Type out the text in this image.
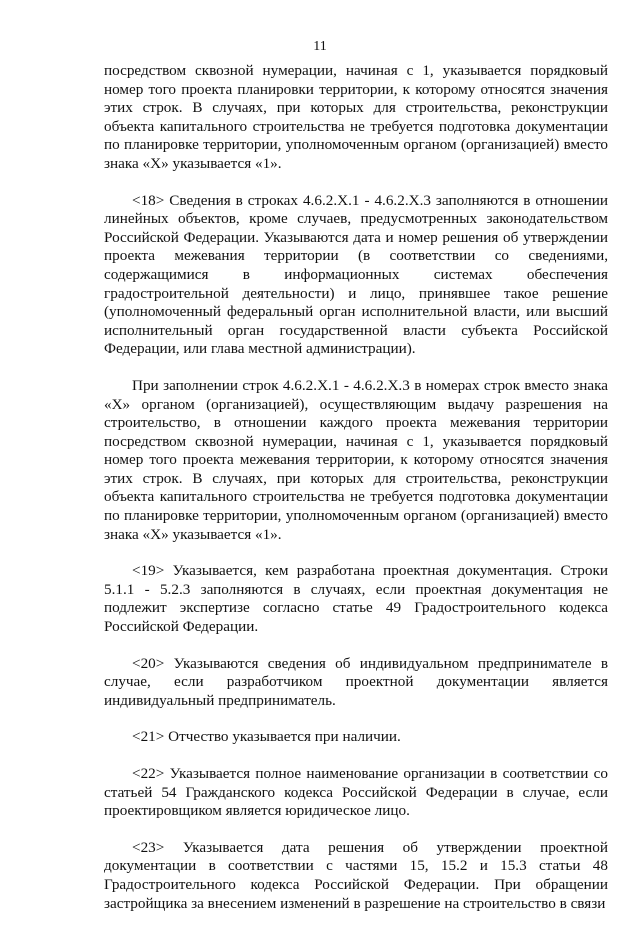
11

посредством сквозной нумерации, начиная с 1, указывается порядковый номер того проекта планировки территории, к которому относятся значения этих строк. В случаях, при которых для строительства, реконструкции объекта капитального строительства не требуется подготовка документации по планировке территории, уполномоченным органом (организацией) вместо знака «X» указывается «1».

<18> Сведения в строках 4.6.2.X.1 - 4.6.2.X.3 заполняются в отношении линейных объектов, кроме случаев, предусмотренных законодательством Российской Федерации. Указываются дата и номер решения об утверждении проекта межевания территории (в соответствии со сведениями, содержащимися в информационных системах обеспечения градостроительной деятельности) и лицо, принявшее такое решение (уполномоченный федеральный орган исполнительной власти, или высший исполнительный орган государственной власти субъекта Российской Федерации, или глава местной администрации).

При заполнении строк 4.6.2.X.1 - 4.6.2.X.3 в номерах строк вместо знака «X» органом (организацией), осуществляющим выдачу разрешения на строительство, в отношении каждого проекта межевания территории посредством сквозной нумерации, начиная с 1, указывается порядковый номер того проекта межевания территории, к которому относятся значения этих строк. В случаях, при которых для строительства, реконструкции объекта капитального строительства не требуется подготовка документации по планировке территории, уполномоченным органом (организацией) вместо знака «X» указывается «1».

<19> Указывается, кем разработана проектная документация. Строки 5.1.1 - 5.2.3 заполняются в случаях, если проектная документация не подлежит экспертизе согласно статье 49 Градостроительного кодекса Российской Федерации.

<20> Указываются сведения об индивидуальном предпринимателе в случае, если разработчиком проектной документации является индивидуальный предприниматель.

<21> Отчество указывается при наличии.

<22> Указывается полное наименование организации в соответствии со статьей 54 Гражданского кодекса Российской Федерации в случае, если проектировщиком является юридическое лицо.

<23> Указывается дата решения об утверждении проектной документации в соответствии с частями 15, 15.2 и 15.3 статьи 48 Градостроительного кодекса Российской Федерации. При обращении застройщика за внесением изменений в разрешение на строительство в связи
